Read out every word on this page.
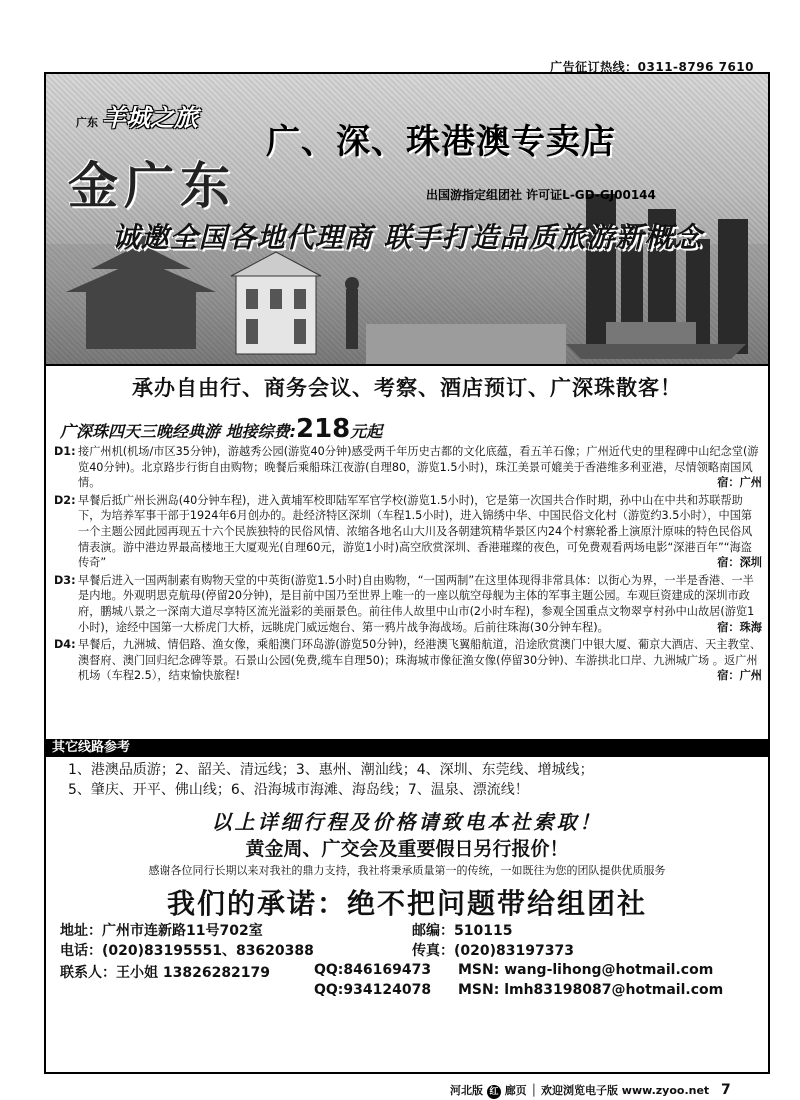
广告征订热线：0311-8796 7610
广东 羊城之旅
金广东
广、深、珠港澳专卖店
出国游指定组团社 许可证L-GD-GJ00144
诚邀全国各地代理商 联手打造品质旅游新概念
承办自由行、商务会议、考察、酒店预订、广深珠散客！
广深珠四天三晚经典游 地接综费:218元起
D1: 接广州机(机场/市区35分钟)，游越秀公园(游览40分钟)感受两千年历史古都的文化底蕴，看五羊石像；广州近代史的里程碑中山纪念堂(游览40分钟)。北京路步行街自由购物；晚餐后乘船珠江夜游(自理80，游览1.5小时)，珠江美景可媲美于香港维多利亚港，尽情领略南国风情。	宿：广州
D2: 早餐后抵广州长洲岛(40分钟车程)，进入黄埔军校即陆军军官学校(游览1.5小时)，它是第一次国共合作时期，孙中山在中共和苏联帮助下，为培养军事干部于1924年6月创办的。赴经济特区深圳（车程1.5小时)，进入锦绣中华、中国民俗文化村（游览约3.5小时），中国第一个主题公园此园再现五十六个民族独特的民俗风情、浓缩各地名山大川及各朝建筑精华景区内24个村寨轮番上演原汁原味的特色民俗风情表演。游中港边界最高楼地王大厦观光(自理60元，游览1小时)高空欣赏深圳、香港璀璨的夜色，可免费观看两场电影“深港百年”“海盗传奇”	宿：深圳
D3: 早餐后进入一国两制素有购物天堂的中英街(游览1.5小时)自由购物，“一国两制”在这里体现得非常具体：以街心为界，一半是香港、一半是内地。外观明思克航母(停留20分钟)，是目前中国乃至世界上唯一的一座以航空母舰为主体的军事主题公园。车观巨资建成的深圳市政府，鹏城八景之一深南大道尽享特区流光溢彩的美丽景色。前往伟人故里中山市(2小时车程)，参观全国重点文物翠亨村孙中山故居(游览1小时)，途经中国第一大桥虎门大桥，远眺虎门威远炮台、第一鸦片战争海战场。后前往珠海(30分钟车程)。	宿：珠海
D4: 早餐后，九洲城、情侣路、渔女像，乘船澳门环岛游(游览50分钟)，经港澳飞翼船航道，沿途欣赏澳门中银大厦、葡京大酒店、天主教堂、澳督府、澳门回归纪念碑等景。石景山公园(免费,缆车自理50)；珠海城市像征渔女像(停留30分钟)、车游拱北口岸、九洲城广场 。返广州机场（车程2.5），结束愉快旅程!	宿：广州
其它线路参考
1、港澳品质游；2、韶关、清远线；3、惠州、潮汕线；4、深圳、东莞线、增城线；
5、肇庆、开平、佛山线；6、沿海城市海滩、海岛线；7、温泉、漂流线！
以上详细行程及价格请致电本社索取！
黄金周、广交会及重要假日另行报价！
感谢各位同行长期以来对我社的鼎力支持，我社将秉承质量第一的传统，一如既往为您的团队提供优质服务
我们的承诺：绝不把问题带给组团社
地址：广州市连新路11号702室	邮编：510115
电话：(020)83195551、83620388	传真：(020)83197373
联系人：王小姐 13826282179	QQ:846169473
QQ:934124078
MSN: wang-lihong@hotmail.com
MSN: lmh83198087@hotmail.com
河北版 红 廊页 │ 欢迎浏览电子版 www.zyoo.net 7
